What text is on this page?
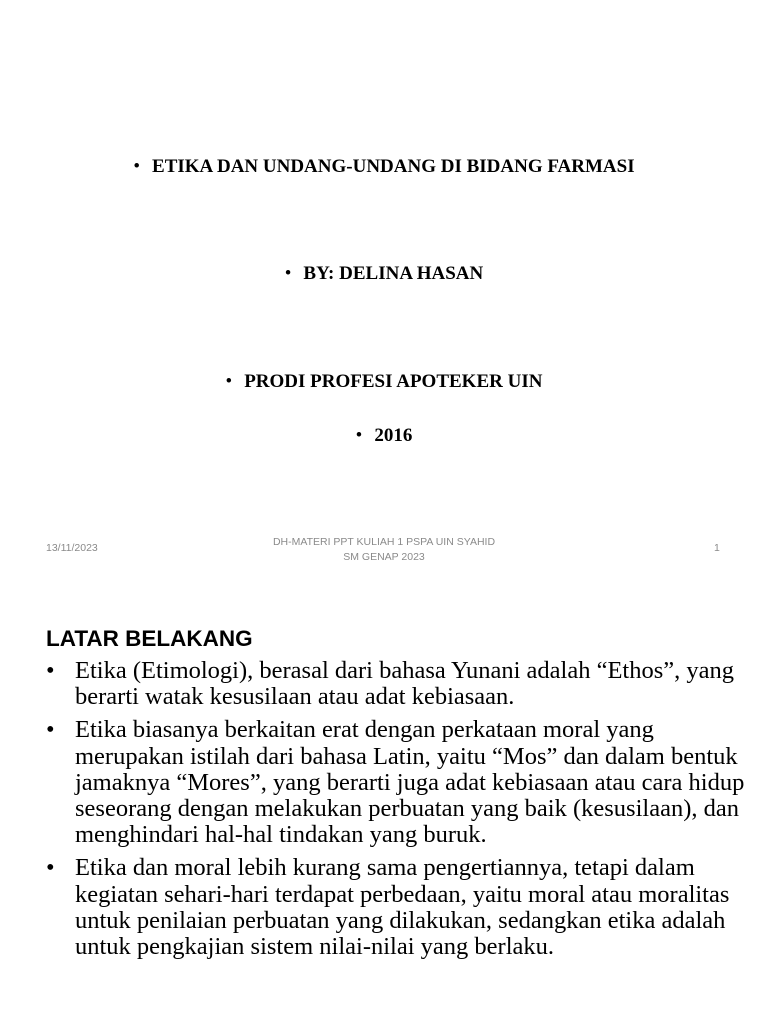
• ETIKA DAN UNDANG-UNDANG DI BIDANG FARMASI
• BY: DELINA HASAN
• PRODI PROFESI APOTEKER UIN
• 2016
13/11/2023	DH-MATERI PPT KULIAH 1 PSPA UIN SYAHID
SM GENAP 2023
1
LATAR BELAKANG
• Etika (Etimologi), berasal dari bahasa Yunani adalah “Ethos”, yang berarti watak kesusilaan atau adat kebiasaan.
• Etika biasanya berkaitan erat dengan perkataan moral yang merupakan istilah dari bahasa Latin, yaitu “Mos” dan dalam bentuk jamaknya “Mores”, yang berarti juga adat kebiasaan atau cara hidup seseorang dengan melakukan perbuatan yang baik (kesusilaan), dan menghindari hal-hal tindakan yang buruk.
• Etika dan moral lebih kurang sama pengertiannya, tetapi dalam kegiatan sehari-hari terdapat perbedaan, yaitu moral atau moralitas untuk penilaian perbuatan yang dilakukan, sedangkan etika adalah untuk pengkajian sistem nilai-nilai yang berlaku.
